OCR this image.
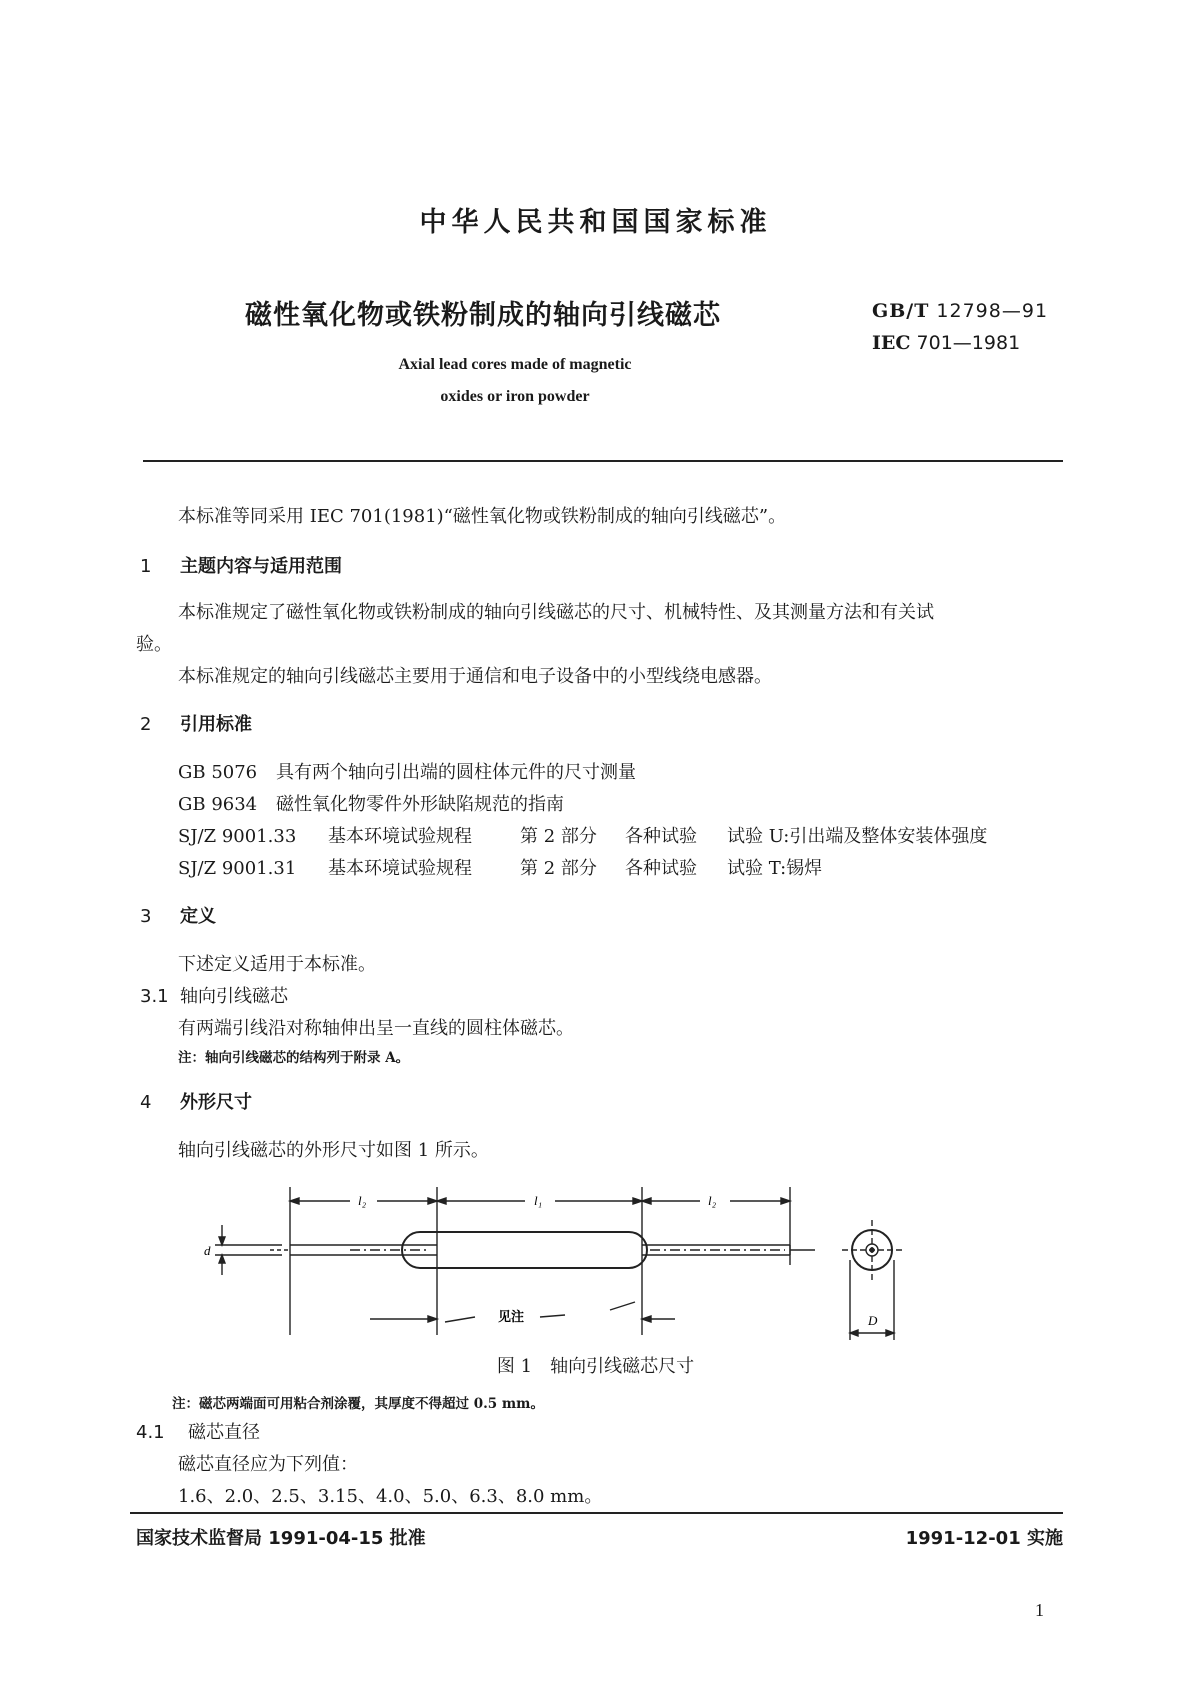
中华人民共和国国家标准
磁性氧化物或铁粉制成的轴向引线磁芯	GB/T 12798—91
IEC 701—1981
Axial lead cores made of magnetic
oxides or iron powder
本标准等同采用 IEC 701(1981)“磁性氧化物或铁粉制成的轴向引线磁芯”。
1 主题内容与适用范围
本标准规定了磁性氧化物或铁粉制成的轴向引线磁芯的尺寸、机械特性、及其测量方法和有关试
验。
本标准规定的轴向引线磁芯主要用于通信和电子设备中的小型线绕电感器。
2 引用标准
GB 5076 具有两个轴向引出端的圆柱体元件的尺寸测量
GB 9634 磁性氧化物零件外形缺陷规范的指南
SJ/Z 9001.33 基本环境试验规程	第 2 部分 各种试验 试验 U:引出端及整体安装体强度
SJ/Z 9001.31 基本环境试验规程	第 2 部分 各种试验 试验 T:锡焊
3 定义
下述定义适用于本标准。
3.1 轴向引线磁芯
有两端引线沿对称轴伸出呈一直线的圆柱体磁芯。
注：轴向引线磁芯的结构列于附录 A。
4 外形尺寸
轴向引线磁芯的外形尺寸如图 1 所示。
l₂	l₁	l₂
d
见注	D
图 1　轴向引线磁芯尺寸
注：磁芯两端面可用粘合剂涂覆，其厚度不得超过 0.5 mm。
4.1 磁芯直径
磁芯直径应为下列值：
1.6、2.0、2.5、3.15、4.0、5.0、6.3、8.0 mm。
国家技术监督局 1991-04-15 批准	1991-12-01 实施
1
